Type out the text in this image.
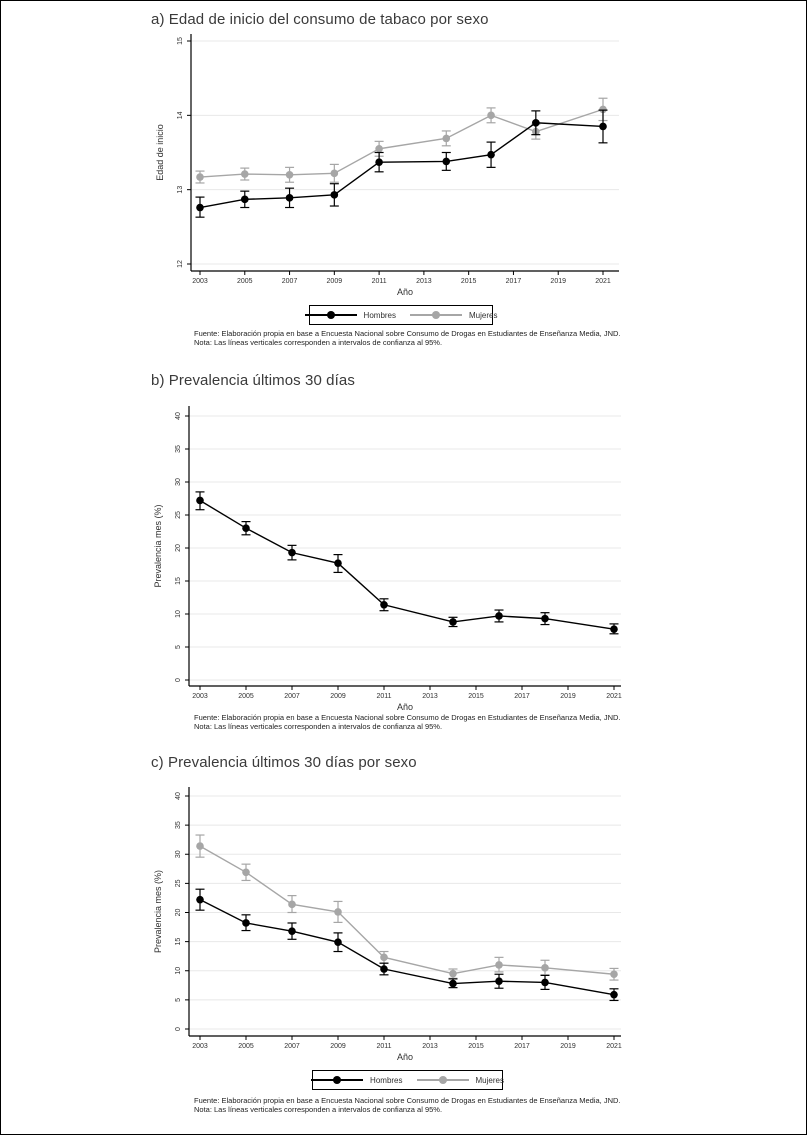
a) Edad de inicio del consumo de tabaco por sexo
12
13
14
15
2003	2005	2007	2009	2011	2013	2015	2017	2019	2021
Año
Edad de inicio
Hombres	Mujeres
Fuente: Elaboración propia en base a Encuesta Nacional sobre Consumo de Drogas en Estudiantes de Enseñanza Media, JND.
Nota: Las líneas verticales corresponden a intervalos de confianza al 95%.
b) Prevalencia últimos 30 días
0
5
10
15
20
25
30
35
40
2003	2005	2007	2009	2011	2013	2015	2017	2019	2021
Año
Prevalencia mes (%)
Fuente: Elaboración propia en base a Encuesta Nacional sobre Consumo de Drogas en Estudiantes de Enseñanza Media, JND.
Nota: Las líneas verticales corresponden a intervalos de confianza al 95%.
c) Prevalencia últimos 30 días por sexo
0
5
10
15
20
25
30
35
40
2003	2005	2007	2009	2011	2013	2015	2017	2019	2021
Año
Prevalencia mes (%)
Hombres	Mujeres
Fuente: Elaboración propia en base a Encuesta Nacional sobre Consumo de Drogas en Estudiantes de Enseñanza Media, JND.
Nota: Las líneas verticales corresponden a intervalos de confianza al 95%.
